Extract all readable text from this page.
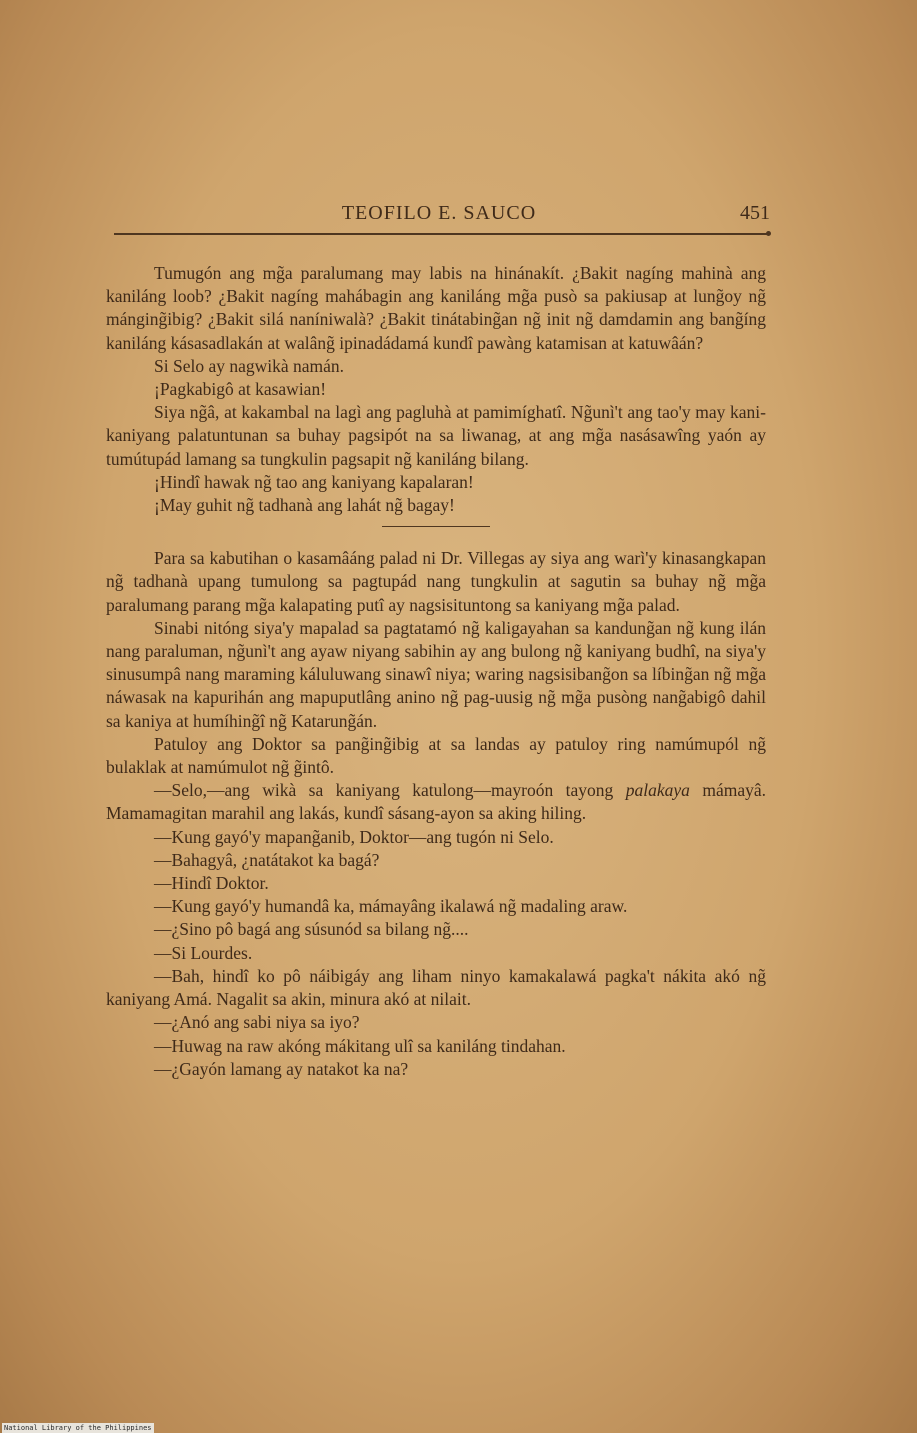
TEOFILO E. SAUCO	451

Tumugón ang mg̃a paralumang may labis na hinánakít. ¿Bakit nagíng mahinà ang kaniláng loob? ¿Bakit nagíng mahábagin ang kaniláng mg̃a pusò sa pakiusap at lung̃oy ng̃ mánging̃ibig? ¿Bakit silá naníniwalà? ¿Bakit tinátabing̃an ng̃ init ng̃ damdamin ang bang̃íng kaniláng kásasadlakán at walâng̃ ipinadádamá kundî pawàng katamisan at katuwâán?

Si Selo ay nagwikà namán.

¡Pagkabigô at kasawian!

Siya ng̃â, at kakambal na lagì ang pagluhà at pamimíghatî. Ng̃unì't ang tao'y may kani-kaniyang palatuntunan sa buhay pagsipót na sa liwanag, at ang mg̃a nasásawîng yaón ay tumútupád lamang sa tungkulin pagsapit ng̃ kaniláng bilang.

¡Hindî hawak ng̃ tao ang kaniyang kapalaran!

¡May guhit ng̃ tadhanà ang lahát ng̃ bagay!

Para sa kabutihan o kasamâáng palad ni Dr. Villegas ay siya ang warì'y kinasangkapan ng̃ tadhanà upang tumulong sa pagtupád nang tungkulin at sagutin sa buhay ng̃ mg̃a paralumang parang mg̃a kalapating putî ay nagsisituntong sa kaniyang mg̃a palad.

Sinabi nitóng siya'y mapalad sa pagtatamó ng̃ kaligayahan sa kandung̃an ng̃ kung ilán nang paraluman, ng̃unì't ang ayaw niyang sabihin ay ang bulong ng̃ kaniyang budhî, na siya'y sinusumpâ nang maraming káluluwang sinawî niya; waring nagsisibang̃on sa líbing̃an ng̃ mg̃a náwasak na kapurihán ang mapuputlâng anino ng̃ pag-uusig ng̃ mg̃a pusòng nang̃abigô dahil sa kaniya at humíhing̃î ng̃ Katarung̃án.

Patuloy ang Doktor sa pang̃ing̃ibig at sa landas ay patuloy ring namúmupól ng̃ bulaklak at namúmulot ng̃ g̃intô.

—Selo,—ang wikà sa kaniyang katulong—mayroón tayong palakaya mámayâ. Mamamagitan marahil ang lakás, kundî sásang-ayon sa aking hiling.

—Kung gayó'y mapang̃anib, Doktor—ang tugón ni Selo.

—Bahagyâ, ¿natátakot ka bagá?

—Hindî Doktor.

—Kung gayó'y humandâ ka, mámayâng ikalawá ng̃ madaling araw.

—¿Sino pô bagá ang súsunód sa bilang ng̃....

—Si Lourdes.

—Bah, hindî ko pô náibigáy ang liham ninyo kamakalawá pagka't nákita akó ng̃ kaniyang Amá. Nagalit sa akin, minura akó at nilait.

—¿Anó ang sabi niya sa iyo?

—Huwag na raw akóng mákitang ulî sa kaniláng tindahan.

—¿Gayón lamang ay natakot ka na?

National Library of the Philippines
